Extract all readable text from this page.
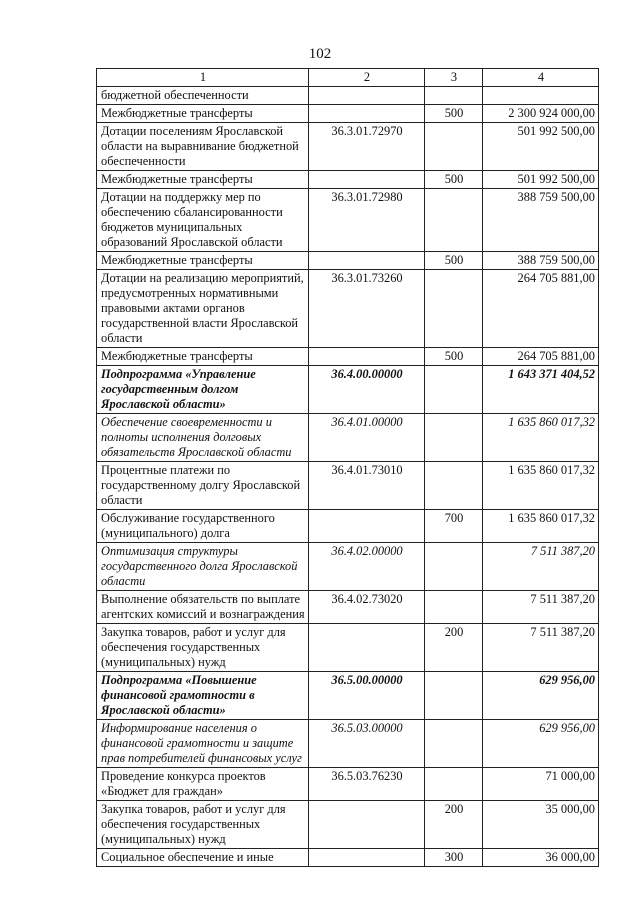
102
1	2	3	4
бюджетной обеспеченности			
Межбюджетные трансферты		500	2 300 924 000,00
Дотации поселениям Ярославской области на выравнивание бюджетной обеспеченности	36.3.01.72970		501 992 500,00
Межбюджетные трансферты		500	501 992 500,00
Дотации на поддержку мер по обеспечению сбалансированности бюджетов муниципальных образований Ярославской области	36.3.01.72980		388 759 500,00
Межбюджетные трансферты		500	388 759 500,00
Дотации на реализацию мероприятий, предусмотренных нормативными правовыми актами органов государственной власти Ярославской области	36.3.01.73260		264 705 881,00
Межбюджетные трансферты		500	264 705 881,00
Подпрограмма «Управление государственным долгом Ярославской области»	36.4.00.00000		1 643 371 404,52
Обеспечение своевременности и полноты исполнения долговых обязательств Ярославской области	36.4.01.00000		1 635 860 017,32
Процентные платежи по государственному долгу Ярославской области	36.4.01.73010		1 635 860 017,32
Обслуживание государственного (муниципального) долга		700	1 635 860 017,32
Оптимизация структуры государственного долга Ярославской области	36.4.02.00000		7 511 387,20
Выполнение обязательств по выплате агентских комиссий и вознаграждения	36.4.02.73020		7 511 387,20
Закупка товаров, работ и услуг для обеспечения государственных (муниципальных) нужд		200	7 511 387,20
Подпрограмма «Повышение финансовой грамотности в Ярославской области»	36.5.00.00000		629 956,00
Информирование населения о финансовой грамотности и защите прав потребителей финансовых услуг	36.5.03.00000		629 956,00
Проведение конкурса проектов «Бюджет для граждан»	36.5.03.76230		71 000,00
Закупка товаров, работ и услуг для обеспечения государственных (муниципальных) нужд		200	35 000,00
Социальное обеспечение и иные		300	36 000,00
